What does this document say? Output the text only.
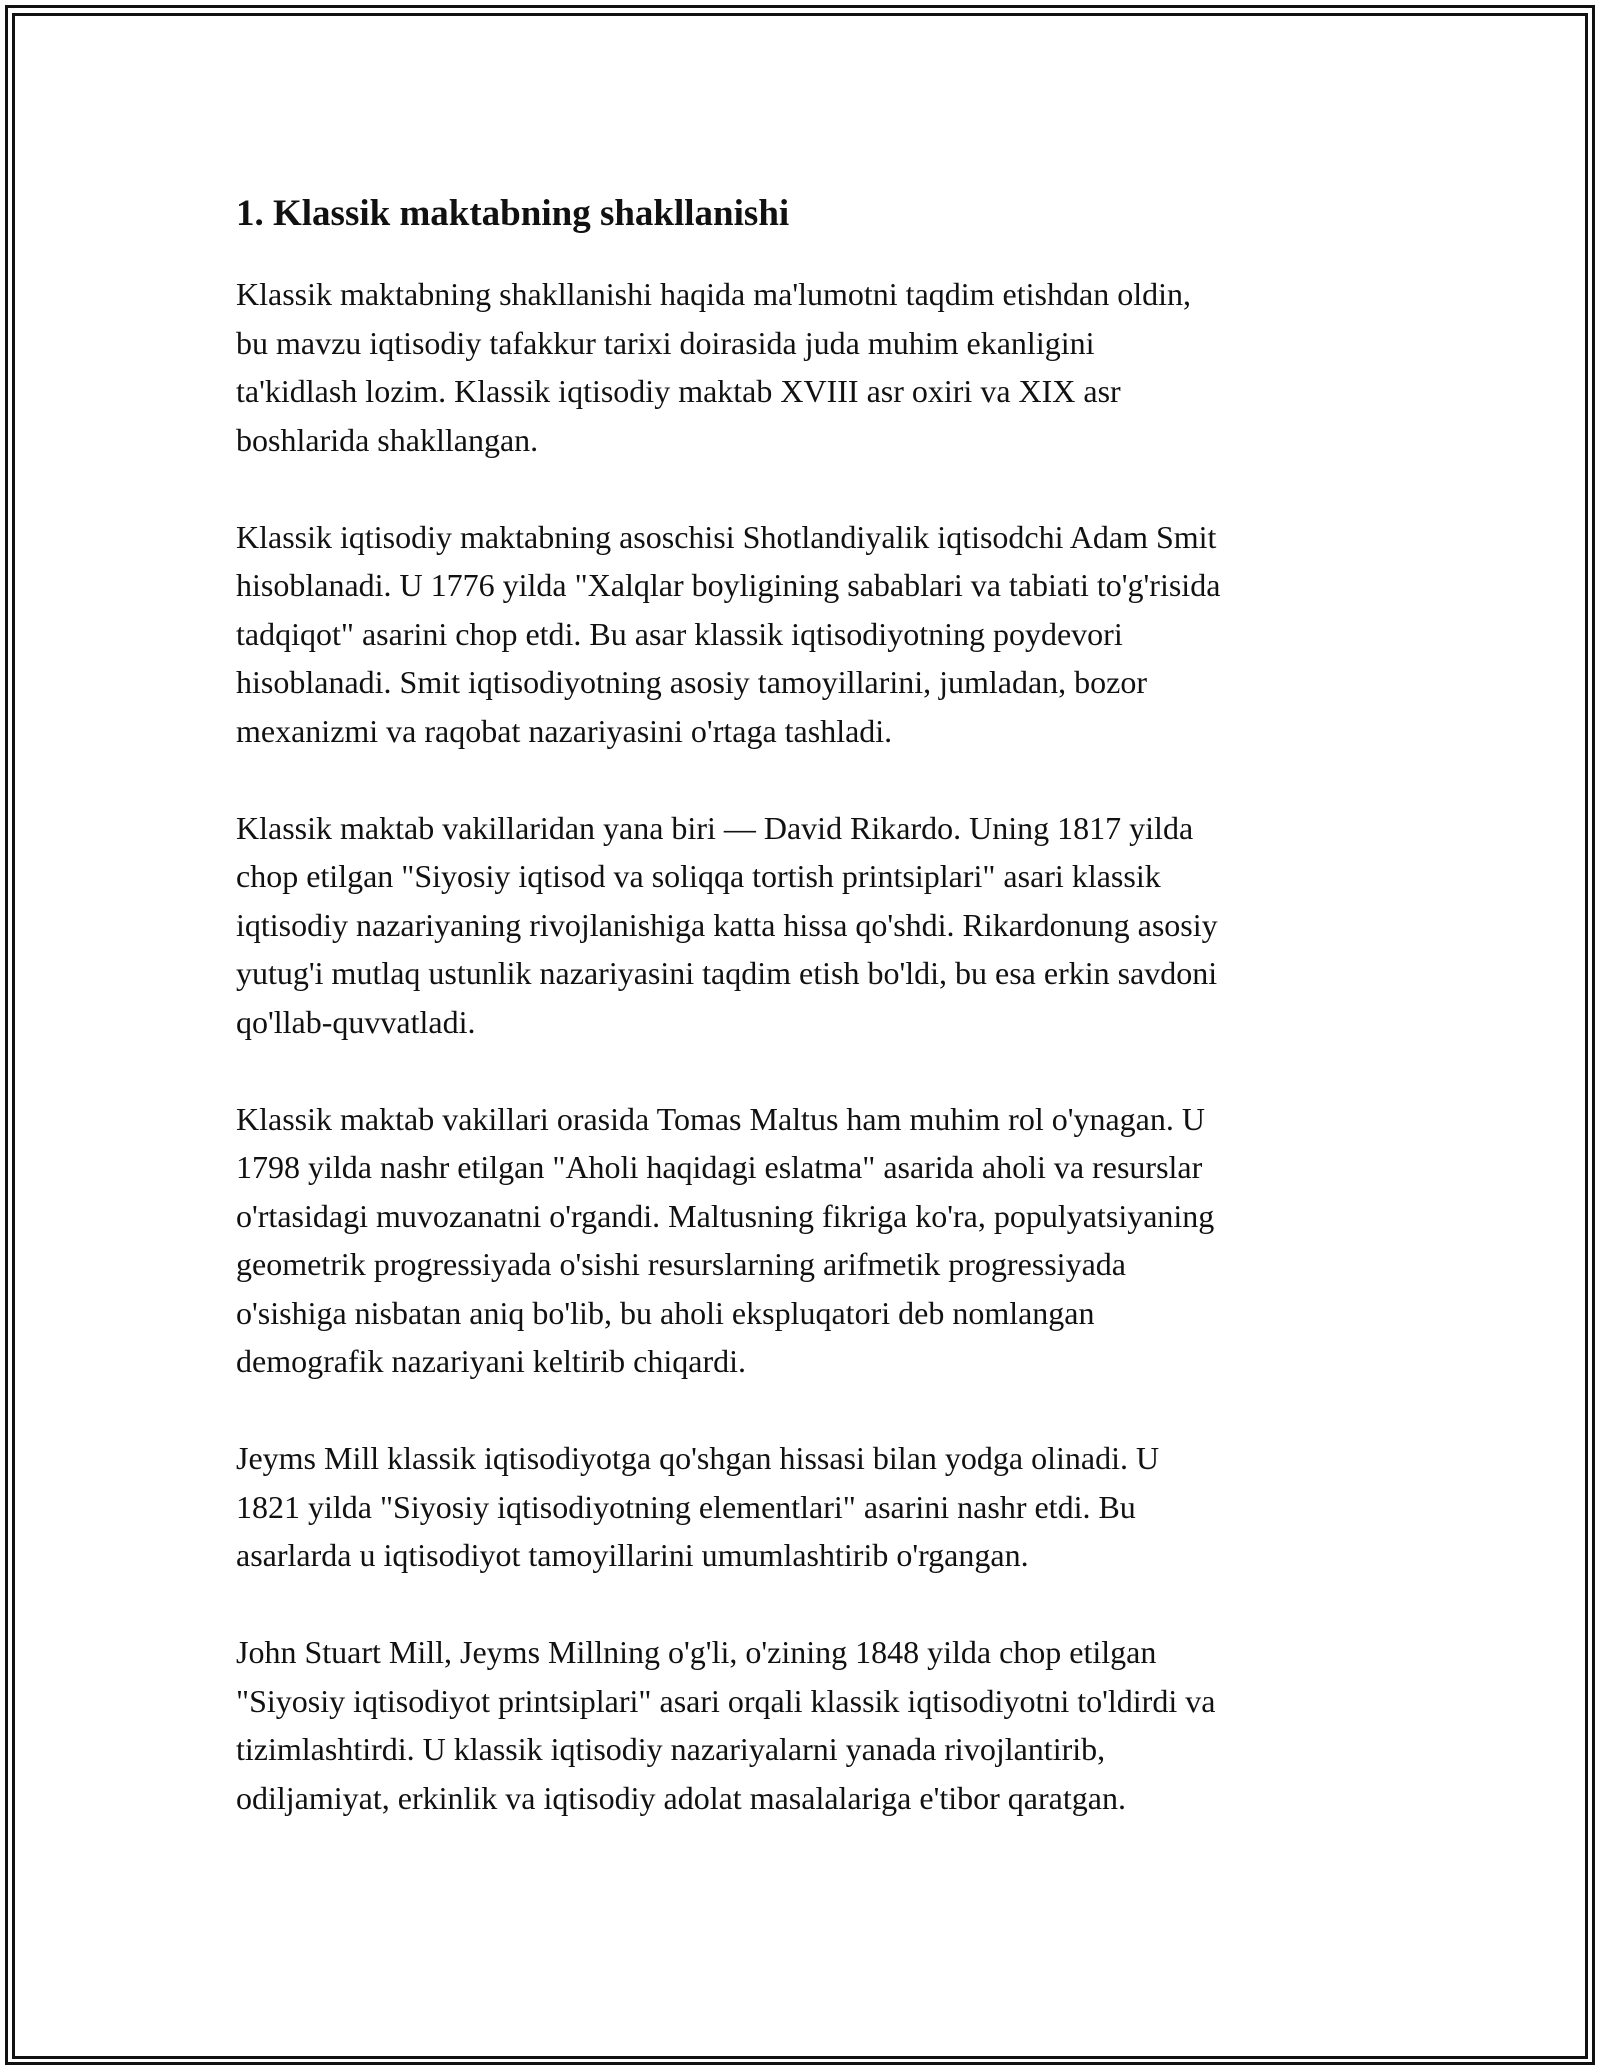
1. Klassik maktabning shakllanishi
Klassik maktabning shakllanishi haqida ma'lumotni taqdim etishdan oldin,
bu mavzu iqtisodiy tafakkur tarixi doirasida juda muhim ekanligini
ta'kidlash lozim. Klassik iqtisodiy maktab XVIII asr oxiri va XIX asr
boshlarida shakllangan.
Klassik iqtisodiy maktabning asoschisi Shotlandiyalik iqtisodchi Adam Smit
hisoblanadi. U 1776 yilda "Xalqlar boyligining sabablari va tabiati to'g'risida
tadqiqot" asarini chop etdi. Bu asar klassik iqtisodiyotning poydevori
hisoblanadi. Smit iqtisodiyotning asosiy tamoyillarini, jumladan, bozor
mexanizmi va raqobat nazariyasini o'rtaga tashladi.
Klassik maktab vakillaridan yana biri — David Rikardo. Uning 1817 yilda
chop etilgan "Siyosiy iqtisod va soliqqa tortish printsiplari" asari klassik
iqtisodiy nazariyaning rivojlanishiga katta hissa qo'shdi. Rikardonung asosiy
yutug'i mutlaq ustunlik nazariyasini taqdim etish bo'ldi, bu esa erkin savdoni
qo'llab-quvvatladi.
Klassik maktab vakillari orasida Tomas Maltus ham muhim rol o'ynagan. U
1798 yilda nashr etilgan "Aholi haqidagi eslatma" asarida aholi va resurslar
o'rtasidagi muvozanatni o'rgandi. Maltusning fikriga ko'ra, populyatsiyaning
geometrik progressiyada o'sishi resurslarning arifmetik progressiyada
o'sishiga nisbatan aniq bo'lib, bu aholi ekspluqatori deb nomlangan
demografik nazariyani keltirib chiqardi.
Jeyms Mill klassik iqtisodiyotga qo'shgan hissasi bilan yodga olinadi. U
1821 yilda "Siyosiy iqtisodiyotning elementlari" asarini nashr etdi. Bu
asarlarda u iqtisodiyot tamoyillarini umumlashtirib o'rgangan.
John Stuart Mill, Jeyms Millning o'g'li, o'zining 1848 yilda chop etilgan
"Siyosiy iqtisodiyot printsiplari" asari orqali klassik iqtisodiyotni to'ldirdi va
tizimlashtirdi. U klassik iqtisodiy nazariyalarni yanada rivojlantirib,
odiljamiyat, erkinlik va iqtisodiy adolat masalalariga e'tibor qaratgan.
